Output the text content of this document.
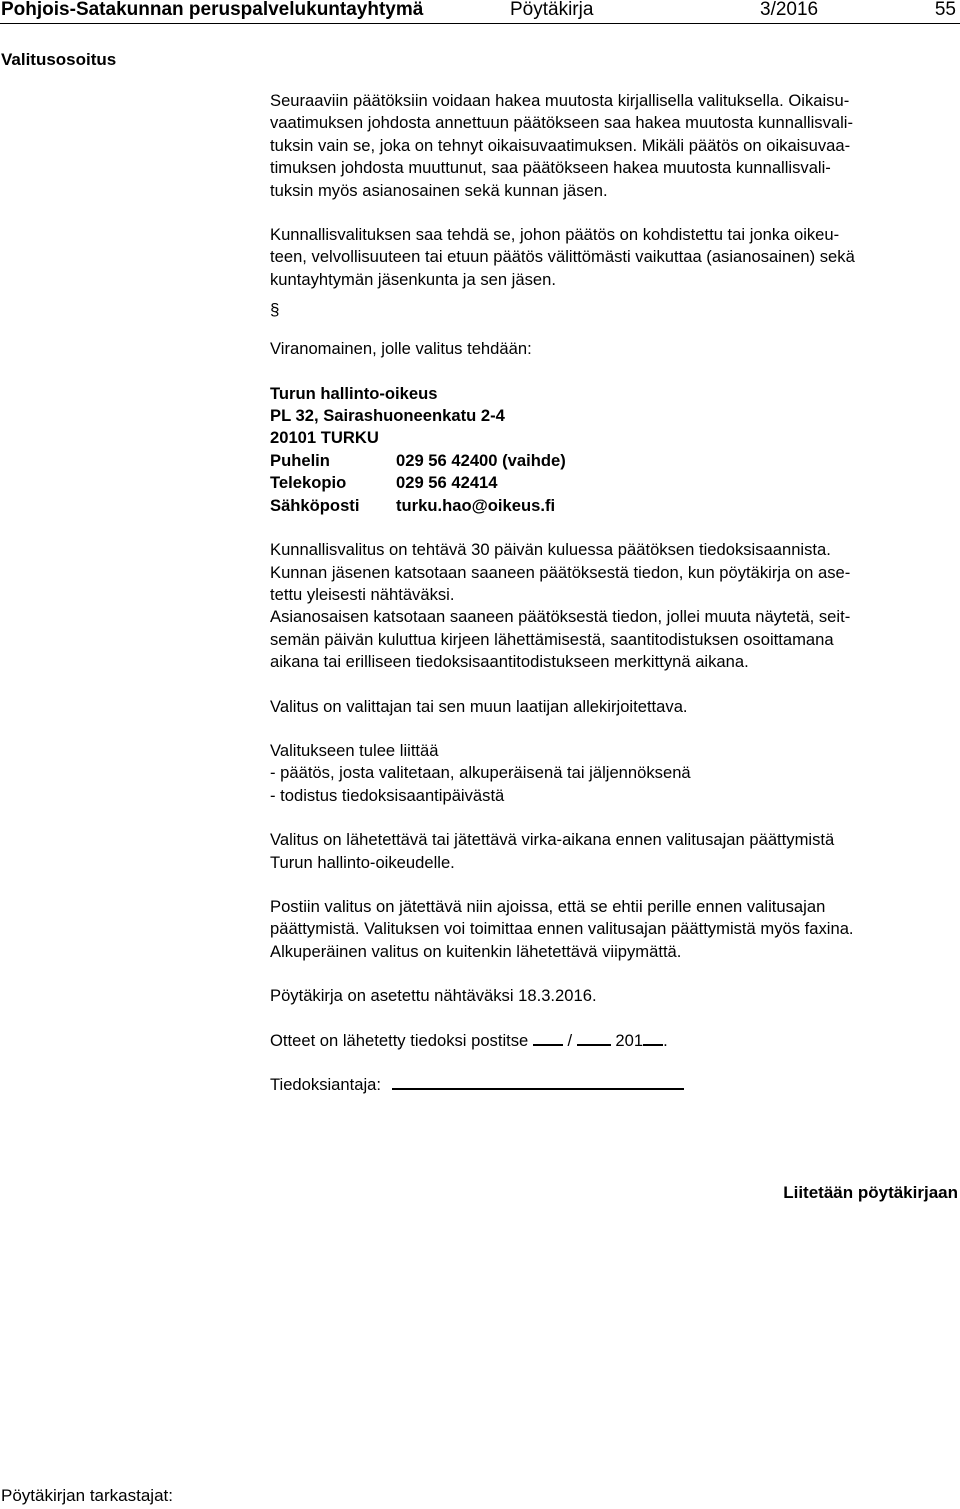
Pohjois-Satakunnan peruspalvelukuntayhtymä	Pöytäkirja	3/2016	55
Valitusosoitus

Seuraaviin päätöksiin voidaan hakea muutosta kirjallisella valituksella. Oikaisu-
vaatimuksen johdosta annettuun päätökseen saa hakea muutosta kunnallisvali-
tuksin vain se, joka on tehnyt oikaisuvaatimuksen. Mikäli päätös on oikaisuvaa-
timuksen johdosta muuttunut, saa päätökseen hakea muutosta kunnallisvali-
tuksin myös asianosainen sekä kunnan jäsen.

Kunnallisvalituksen saa tehdä se, johon päätös on kohdistettu tai jonka oikeu-
teen, velvollisuuteen tai etuun päätös välittömästi vaikuttaa (asianosainen) sekä
kuntayhtymän jäsenkunta ja sen jäsen.

§

Viranomainen, jolle valitus tehdään:

Turun hallinto-oikeus
PL 32, Sairashuoneenkatu 2-4
20101 TURKU
Puhelin	029 56 42400 (vaihde)
Telekopio	029 56 42414
Sähköposti	turku.hao@oikeus.fi

Kunnallisvalitus on tehtävä 30 päivän kuluessa päätöksen tiedoksisaannista.
Kunnan jäsenen katsotaan saaneen päätöksestä tiedon, kun pöytäkirja on ase-
tettu yleisesti nähtäväksi.
Asianosaisen katsotaan saaneen päätöksestä tiedon, jollei muuta näytetä, seit-
semän päivän kuluttua kirjeen lähettämisestä, saantitodistuksen osoittamana
aikana tai erilliseen tiedoksisaantitodistukseen merkittynä aikana.

Valitus on valittajan tai sen muun laatijan allekirjoitettava.

Valitukseen tulee liittää
- päätös, josta valitetaan, alkuperäisenä tai jäljennöksenä
- todistus tiedoksisaantipäivästä

Valitus on lähetettävä tai jätettävä virka-aikana ennen valitusajan päättymistä
Turun hallinto-oikeudelle.

Postiin valitus on jätettävä niin ajoissa, että se ehtii perille ennen valitusajan
päättymistä. Valituksen voi toimittaa ennen valitusajan päättymistä myös faxina.
Alkuperäinen valitus on kuitenkin lähetettävä viipymättä.

Pöytäkirja on asetettu nähtäväksi 18.3.2016.

Otteet on lähetetty tiedoksi postitse /	201 .

Tiedoksiantaja:

Liitetään pöytäkirjaan
Pöytäkirjan tarkastajat:
